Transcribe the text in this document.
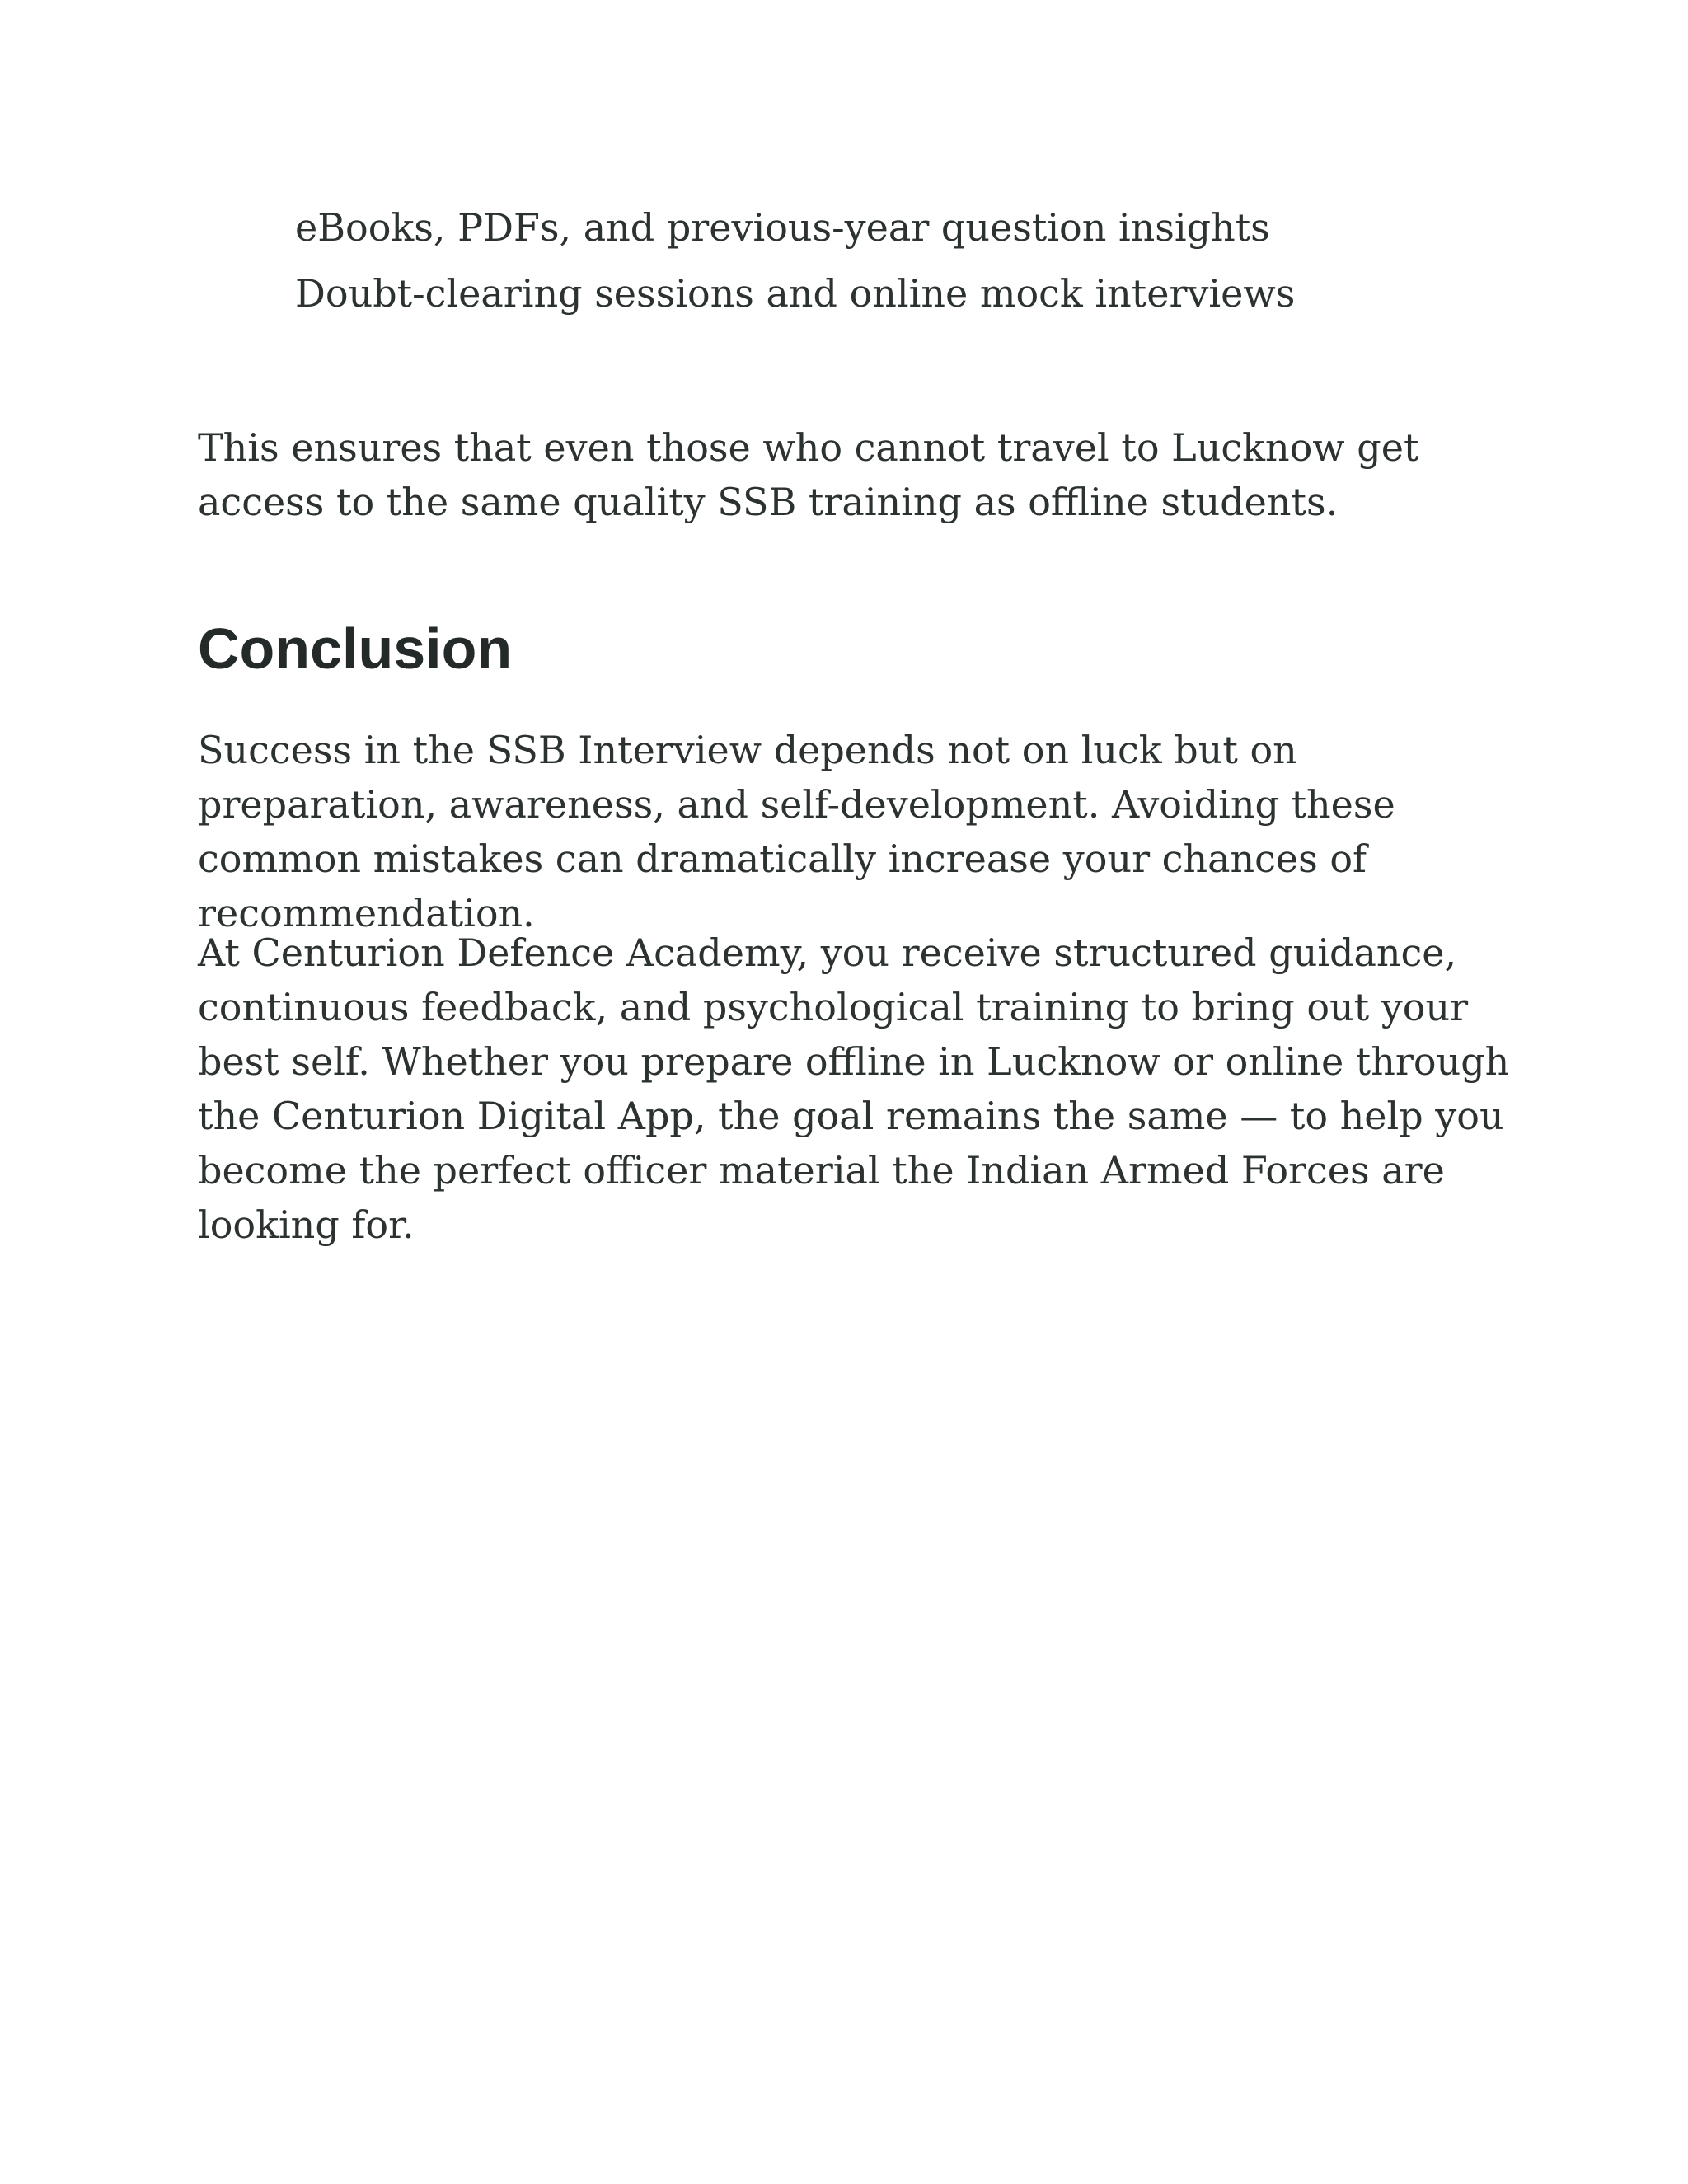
eBooks, PDFs, and previous-year question insights
Doubt-clearing sessions and online mock interviews

This ensures that even those who cannot travel to Lucknow get access to the same quality SSB training as offline students.

Conclusion

Success in the SSB Interview depends not on luck but on preparation, awareness, and self-development. Avoiding these common mistakes can dramatically increase your chances of recommendation.

At Centurion Defence Academy, you receive structured guidance, continuous feedback, and psychological training to bring out your best self. Whether you prepare offline in Lucknow or online through the Centurion Digital App, the goal remains the same — to help you become the perfect officer material the Indian Armed Forces are looking for.
